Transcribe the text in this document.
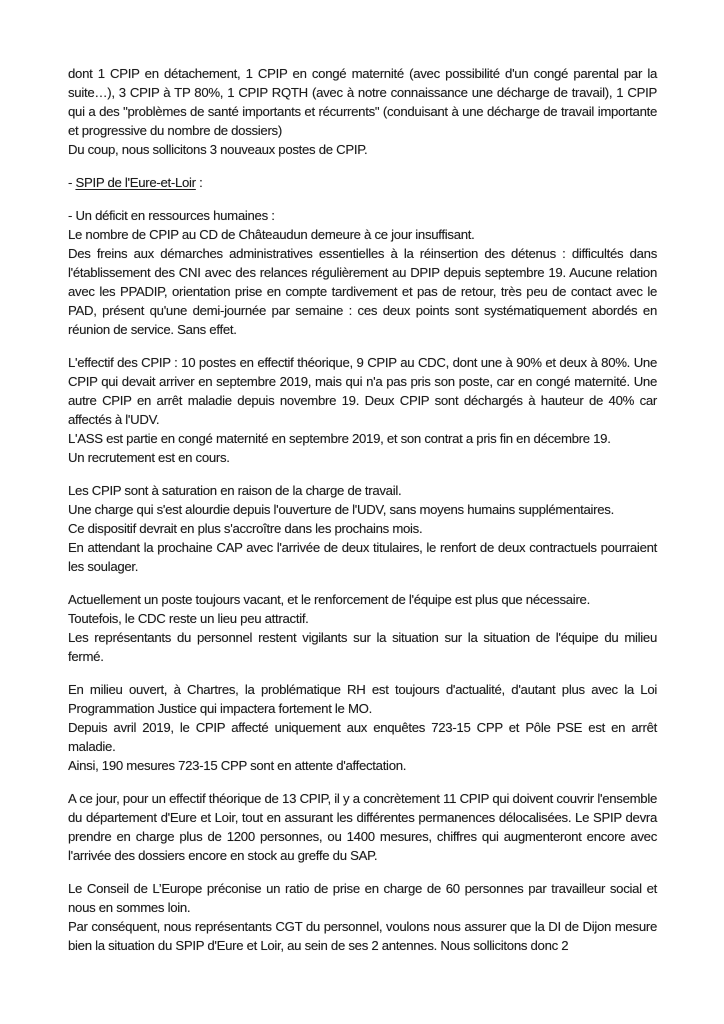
dont 1 CPIP en détachement, 1 CPIP en congé maternité (avec possibilité d'un congé parental par la suite…), 3 CPIP à TP 80%, 1 CPIP RQTH (avec à notre connaissance une décharge de travail), 1 CPIP qui a des "problèmes de santé importants et récurrents" (conduisant à une décharge de travail importante et progressive du nombre de dossiers)

Du coup, nous sollicitons 3 nouveaux postes de CPIP.

- SPIP de l'Eure-et-Loir :

- Un déficit en ressources humaines :

Le nombre de CPIP au CD de Châteaudun demeure à ce jour insuffisant.

Des freins aux démarches administratives essentielles à la réinsertion des détenus : difficultés dans l'établissement des CNI avec des relances régulièrement au DPIP depuis septembre 19. Aucune relation avec les PPADIP, orientation prise en compte tardivement et pas de retour, très peu de contact avec le PAD, présent qu'une demi-journée par semaine : ces deux points sont systématiquement abordés en réunion de service. Sans effet.

L'effectif des CPIP : 10 postes en effectif théorique, 9 CPIP au CDC, dont une à 90% et deux à 80%. Une CPIP qui devait arriver en septembre 2019, mais qui n'a pas pris son poste, car en congé maternité. Une autre CPIP en arrêt maladie depuis novembre 19. Deux CPIP sont déchargés à hauteur de 40% car affectés à l'UDV.

L'ASS est partie en congé maternité en septembre 2019, et son contrat a pris fin en décembre 19.

Un recrutement est en cours.

Les CPIP sont à saturation en raison de la charge de travail.

Une charge qui s'est alourdie depuis l'ouverture de l'UDV, sans moyens humains supplémentaires.

Ce dispositif devrait en plus s'accroître dans les prochains mois.

En attendant la prochaine CAP avec l'arrivée de deux titulaires, le renfort de deux contractuels pourraient les soulager.

Actuellement un poste toujours vacant, et le renforcement de l'équipe est plus que nécessaire.

Toutefois, le CDC reste un lieu peu attractif.

Les représentants du personnel restent vigilants sur la situation sur la situation de l'équipe du milieu fermé.

En milieu ouvert, à Chartres, la problématique RH est toujours d'actualité, d'autant plus avec la Loi Programmation Justice qui impactera fortement le MO.

Depuis avril 2019, le CPIP affecté uniquement aux enquêtes 723-15 CPP et Pôle PSE est en arrêt maladie.

Ainsi, 190 mesures 723-15 CPP sont en attente d'affectation.

A ce jour, pour un effectif théorique de 13 CPIP, il y a concrètement 11 CPIP qui doivent couvrir l'ensemble du département d'Eure et Loir, tout en assurant les différentes permanences délocalisées. Le SPIP devra prendre en charge plus de 1200 personnes, ou 1400 mesures, chiffres qui augmenteront encore avec l'arrivée des dossiers encore en stock au greffe du SAP.

Le Conseil de L’Europe préconise un ratio de prise en charge de 60 personnes par travailleur social et nous en sommes loin.

Par conséquent, nous représentants CGT du personnel, voulons nous assurer que la DI de Dijon mesure bien la situation du SPIP d'Eure et Loir, au sein de ses 2 antennes. Nous sollicitons donc 2
